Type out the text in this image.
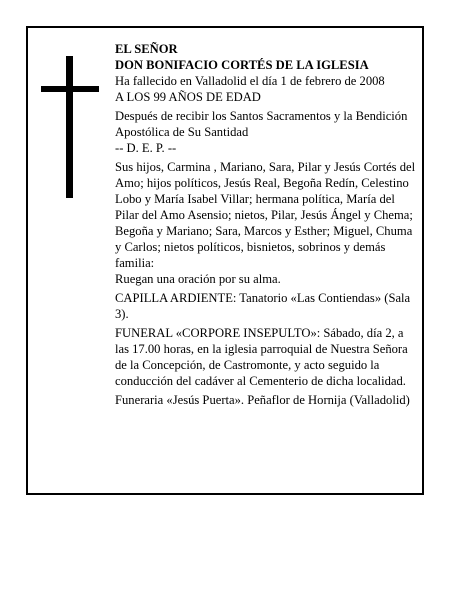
EL SEÑOR

DON BONIFACIO CORTÉS DE LA IGLESIA

Ha fallecido en Valladolid el día 1 de febrero de 2008

A LOS 99 AÑOS DE EDAD

Después de recibir los Santos Sacramentos y la Bendición Apostólica de Su Santidad

-- D. E. P. --

Sus hijos, Carmina , Mariano, Sara, Pilar y Jesús Cortés del Amo; hijos políticos, Jesús Real, Begoña Redín, Celestino Lobo y María Isabel Villar; hermana política, María del Pilar del Amo Asensio; nietos, Pilar, Jesús Ángel y Chema; Begoña y Mariano; Sara, Marcos y Esther; Miguel, Chuma y Carlos; nietos políticos, bisnietos, sobrinos y demás familia:

Ruegan una oración por su alma.

CAPILLA ARDIENTE: Tanatorio «Las Contiendas» (Sala 3).

FUNERAL «CORPORE INSEPULTO»: Sábado, día 2, a las 17.00 horas, en la iglesia parroquial de Nuestra Señora de la Concepción, de Castromonte, y acto seguido la conducción del cadáver al Cementerio de dicha localidad.

Funeraria «Jesús Puerta». Peñaflor de Hornija (Valladolid)
